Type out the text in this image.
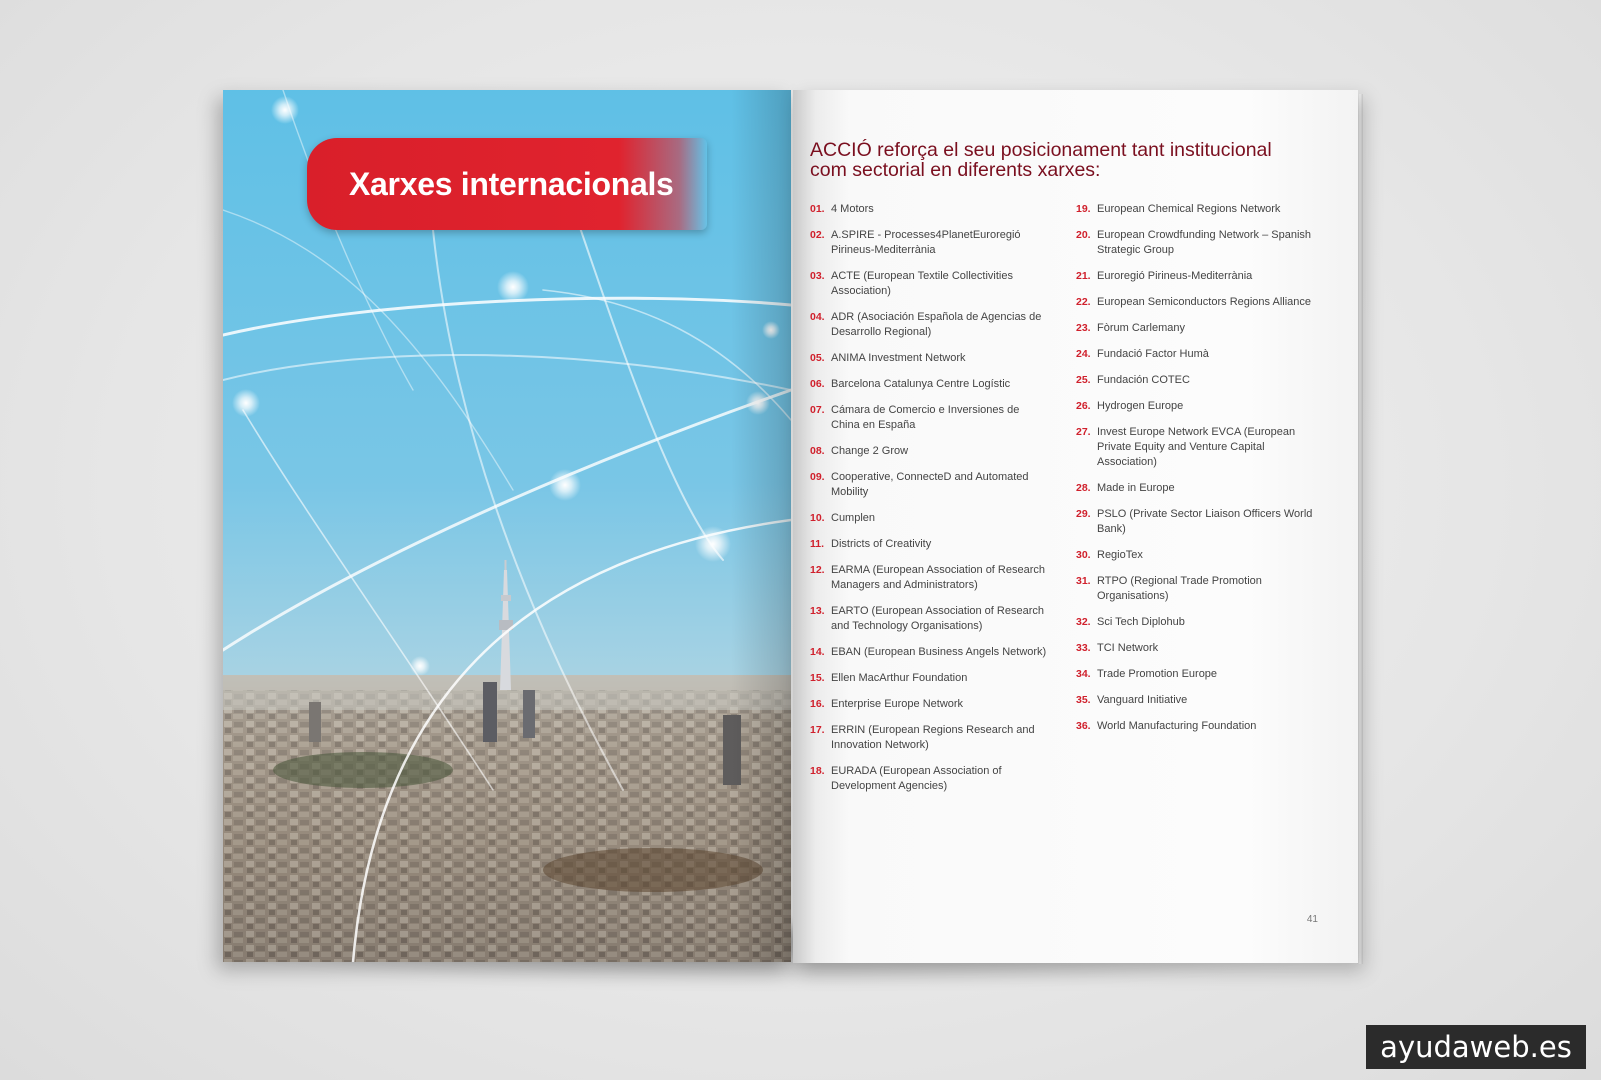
Xarxes internacionals
ACCIÓ reforça el seu posicionament tant institucional
com sectorial en diferents xarxes:
01. 4 Motors
02. A.SPIRE - Processes4PlanetEuroregió Pirineus-Mediterrània
03. ACTE (European Textile Collectivities Association)
04. ADR (Asociación Española de Agencias de Desarrollo Regional)
05. ANIMA Investment Network
06. Barcelona Catalunya Centre Logístic
07. Cámara de Comercio e Inversiones de China en España
08. Change 2 Grow
09. Cooperative, ConnecteD and Automated Mobility
10. Cumplen
11. Districts of Creativity
12. EARMA (European Association of Research Managers and Administrators)
13. EARTO (European Association of Research and Technology Organisations)
14. EBAN (European Business Angels Network)
15. Ellen MacArthur Foundation
16. Enterprise Europe Network
17. ERRIN (European Regions Research and Innovation Network)
18. EURADA (European Association of Development Agencies)
19. European Chemical Regions Network
20. European Crowdfunding Network – Spanish Strategic Group
21. Euroregió Pirineus-Mediterrània
22. European Semiconductors Regions Alliance
23. Fòrum Carlemany
24. Fundació Factor Humà
25. Fundación COTEC
26. Hydrogen Europe
27. Invest Europe Network EVCA (European Private Equity and Venture Capital Association)
28. Made in Europe
29. PSLO (Private Sector Liaison Officers World Bank)
30. RegioTex
31. RTPO (Regional Trade Promotion Organisations)
32. Sci Tech Diplohub
33. TCI Network
34. Trade Promotion Europe
35. Vanguard Initiative
36. World Manufacturing Foundation
41
ayudaweb.es
